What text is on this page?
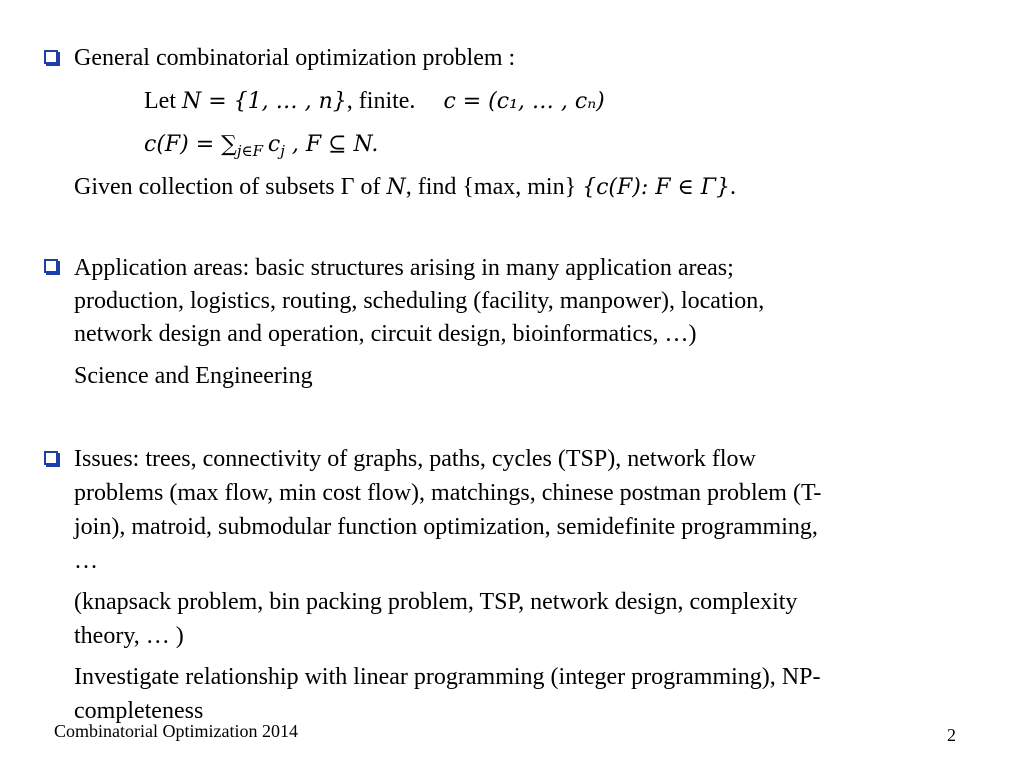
General combinatorial optimization problem :
Let N = {1, … , n}, finite. c = (c₁, … , cₙ)
$c(F) = \sum_{j\in F}$  $c_j$ , F ⊆ N.
Given collection of subsets Γ of N, find {max, min} {c(F): F ∈ Γ}.
Application areas: basic structures arising in many application areas;
production, logistics, routing, scheduling (facility, manpower), location,
network design and operation, circuit design, bioinformatics, …)
Science and Engineering
Issues: trees, connectivity of graphs, paths, cycles (TSP), network flow
problems (max flow, min cost flow), matchings, chinese postman problem (T-
join), matroid, submodular function optimization, semidefinite programming,
…
(knapsack problem, bin packing problem, TSP, network design, complexity
theory, … )
Investigate relationship with linear programming (integer programming), NP-
completeness
Combinatorial Optimization 2014	2
